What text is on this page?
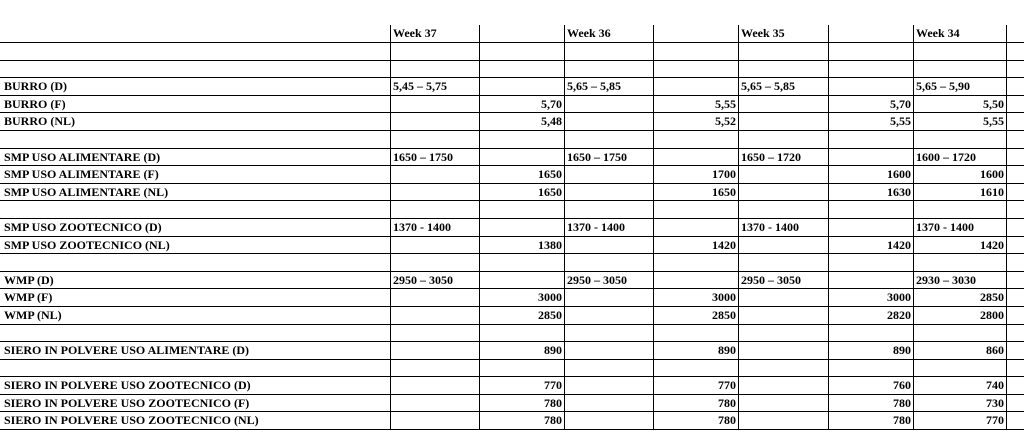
Week 37	Week 36	Week 35	Week 34
BURRO (D)	5,45 – 5,75	5,65 – 5,85	5,65 – 5,85	5,65 – 5,90
BURRO (F)	5,70	5,55	5,70	5,50
BURRO (NL)	5,48	5,52	5,55	5,55
SMP USO ALIMENTARE (D)	1650 – 1750	1650 – 1750	1650 – 1720	1600 – 1720
SMP USO ALIMENTARE (F)	1650	1700	1600	1600
SMP USO ALIMENTARE (NL)	1650	1650	1630	1610
SMP USO ZOOTECNICO (D)	1370 - 1400	1370 - 1400	1370 - 1400	1370 - 1400
SMP USO ZOOTECNICO (NL)	1380	1420	1420	1420
WMP (D)	2950 – 3050	2950 – 3050	2950 – 3050	2930 – 3030
WMP (F)	3000	3000	3000	2850
WMP (NL)	2850	2850	2820	2800
SIERO IN POLVERE USO ALIMENTARE (D)	890	890	890	860
SIERO IN POLVERE USO ZOOTECNICO (D)	770	770	760	740
SIERO IN POLVERE USO ZOOTECNICO (F)	780	780	780	730
SIERO IN POLVERE USO ZOOTECNICO (NL)	780	780	780	770
